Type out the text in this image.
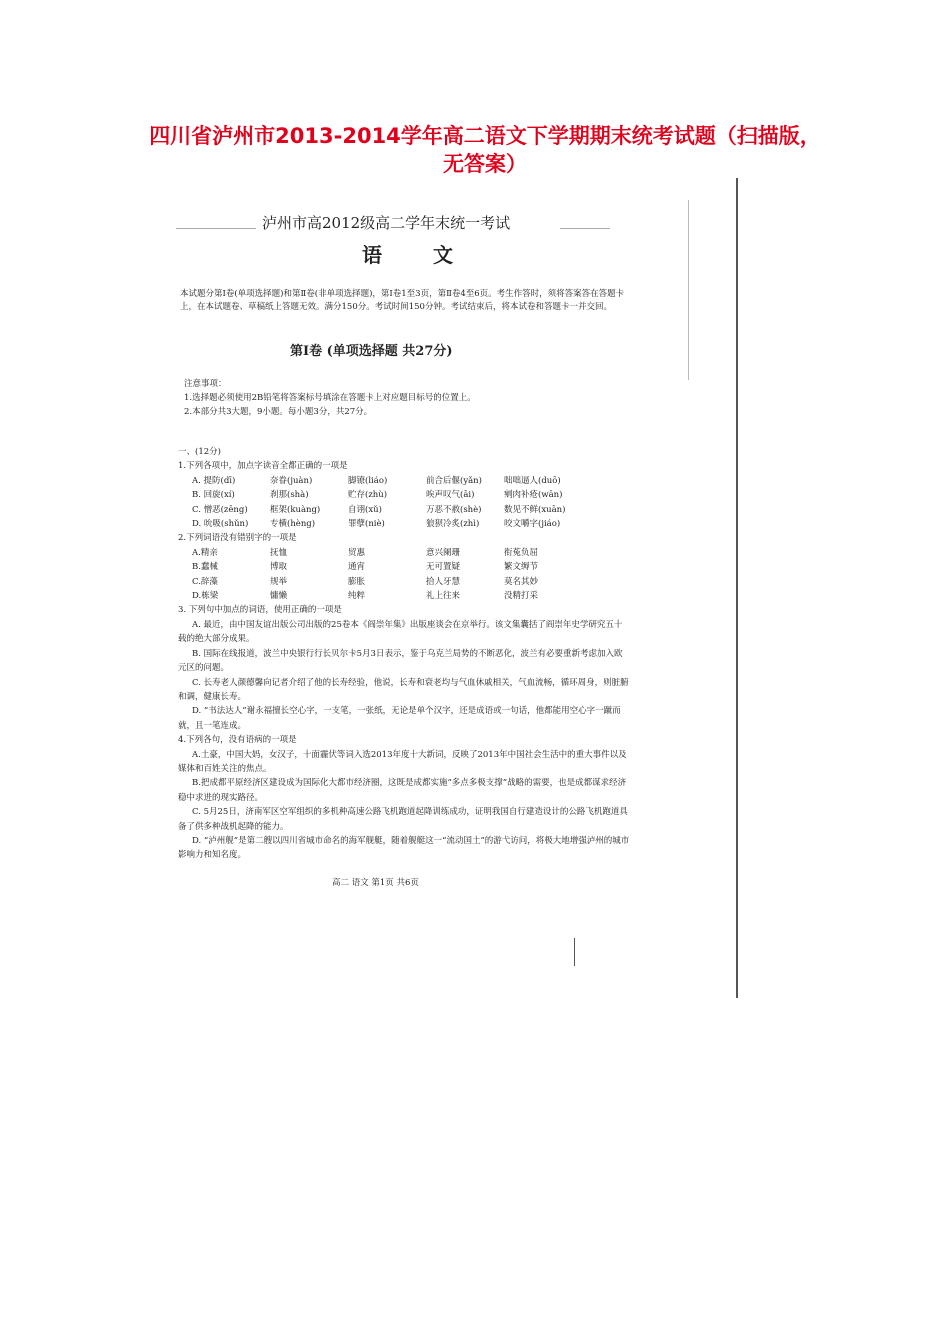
四川省泸州市2013-2014学年高二语文下学期期末统考试题（扫描版，无答案）
泸州市高2012级高二学年末统一考试
语 文
本试题分第Ⅰ卷(单项选择题)和第Ⅱ卷(非单项选择题)，第Ⅰ卷1至3页，第Ⅱ卷4至6页。考生作答时，须将答案答在答题卡上，在本试题卷、草稿纸上答题无效。满分150分。考试时间150分钟。考试结束后，将本试卷和答题卡一并交回。
第Ⅰ卷 (单项选择题 共27分)
注意事项：
1.选择题必须使用2B铅笔将答案标号填涂在答题卡上对应题目标号的位置上。
2.本部分共3大题，9小题。每小题3分，共27分。
一、(12分)
1.下列各项中，加点字读音全都正确的一项是
A. 提防(dī)	奈眷(juàn)	脚镣(liáo)	前合后偃(yǎn)	咄咄逼人(duō)
B. 回旋(xí)	刹那(shà)	贮存(zhù)	唉声叹气(āi)	剜肉补疮(wān)
C. 憎恶(zēng)	框架(kuàng)	自诩(xǔ)	万恶不赦(shè)	数见不鲜(xuān)
D. 吮吸(shǔn)	专横(hèng)	罪孽(niè)	狼狈冷炙(zhì)	咬文嚼字(jiáo)
2.下列词语没有错别字的一项是
A.精亲	抚恤	贸惠	意兴阑珊	衔菟负屈
B.蠢械	博取	通宵	无可置疑	繁文缛节
C.辞藻	规举	膨胀	拾人牙慧	莫名其妙
D.栋梁	慵懒	纯粹	礼上往来	没精打采
3. 下列句中加点的词语，使用正确的一项是
A. 最近，由中国友谊出版公司出版的25卷本《阎崇年集》出版座谈会在京举行。该文集囊括了阎崇年史学研究五十载的绝大部分成果。
B. 国际在线报道，波兰中央银行行长贝尔卡5月3日表示，鉴于乌克兰局势的不断恶化，波兰有必要重新考虑加入欧元区的问题。
C. 长寿老人颜德馨向记者介绍了他的长寿经验，他说，长寿和衰老均与气血休戚相关，气血流畅，循环周身，则脏腑和调，健康长寿。
D. “书法达人”谢永福擅长空心字，一支笔，一张纸，无论是单个汉字，还是成语或一句话，他都能用空心字一蹴而就，且一笔连成。
4.下列各句，没有语病的一项是
A.土豪，中国大妈，女汉子，十面霾伏等词入选2013年度十大新词，反映了2013年中国社会生活中的重大事件以及媒体和百姓关注的焦点。
B.把成都平原经济区建设成为国际化大都市经济圈，这既是成都实施“多点多极支撑”战略的需要，也是成都谋求经济稳中求进的现实路径。
C. 5月25日，济南军区空军组织的多机种高速公路飞机跑道起降训练成功，证明我国自行建造设计的公路飞机跑道具备了供多种战机起降的能力。
D. “泸州舰”是第二艘以四川省城市命名的海军舰艇，随着舰艇这一“流动国土”的游弋访问，将极大地增强泸州的城市影响力和知名度。
高二 语文 第1页 共6页
